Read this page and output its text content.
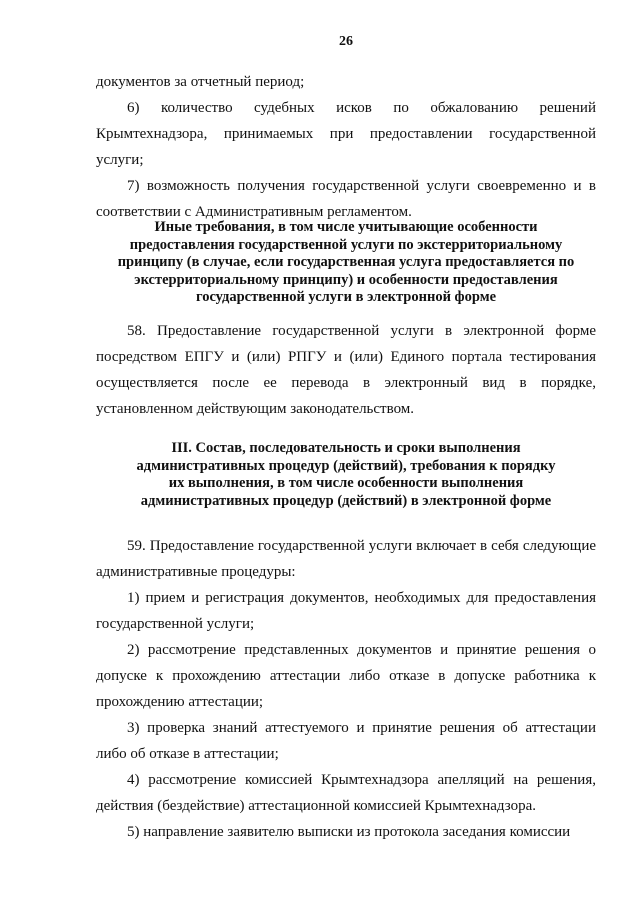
26

документов за отчетный период;

6)   количество   судебных   исков   по   обжалованию   решений Крымтехнадзора, принимаемых при предоставлении государственной услуги;

7) возможность получения государственной услуги своевременно и в соответствии с Административным регламентом.

Иные требования, в том числе учитывающие особенности

предоставления государственной услуги по экстерриториальному

принципу (в случае, если государственная услуга предоставляется по

экстерриториальному принципу) и особенности предоставления

государственной услуги в электронной форме

58. Предоставление государственной услуги в электронной форме посредством ЕПГУ и (или) РПГУ и (или) Единого портала тестирования осуществляется после ее перевода в электронный вид в порядке, установленном действующим законодательством.

III. Состав, последовательность и сроки выполнения

административных процедур (действий), требования к порядку

их выполнения, в том числе особенности выполнения

административных процедур (действий) в электронной форме

59. Предоставление государственной услуги включает в себя следующие административные процедуры:

1) прием и регистрация документов, необходимых для предоставления государственной услуги;

2) рассмотрение представленных документов и принятие решения о допуске к прохождению аттестации либо отказе в допуске работника к прохождению аттестации;

3) проверка знаний аттестуемого и принятие решения об аттестации либо об отказе в аттестации;

4) рассмотрение комиссией Крымтехнадзора апелляций на решения, действия (бездействие) аттестационной комиссией Крымтехнадзора.

5) направление заявителю выписки из протокола заседания комиссии
